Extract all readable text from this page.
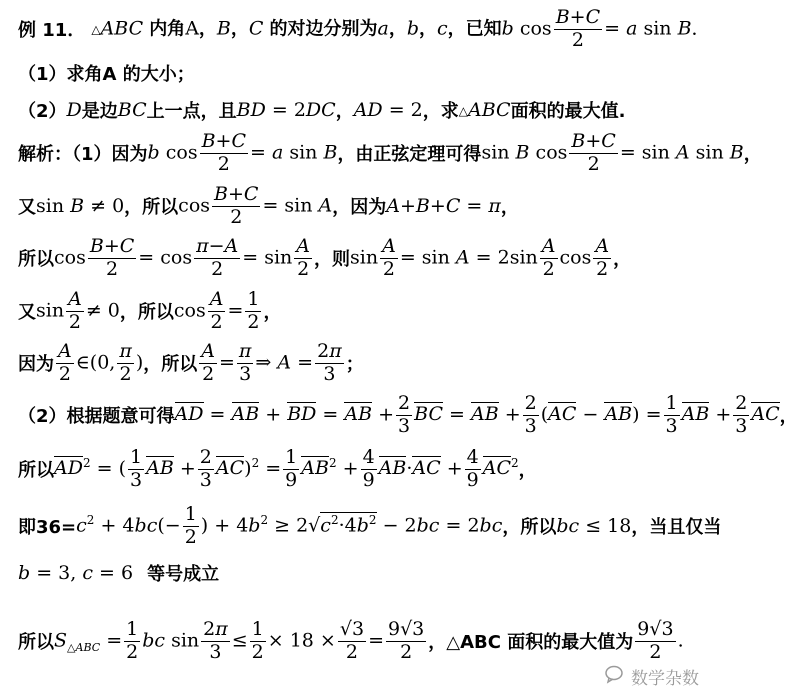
例 11． △ABC 内角A，B，C 的对边分别为a，b，c，已知b $\cos \frac{B+C}{2} = a$ sin B．
（1）求角A 的大小；
（2） D 是边 BC 上一点，且 BD = 2DC ， AD = 2 ，求 △ABC 面积的最大值.
解析：（1） 因为 b $\cos \frac{B+C}{2} = a$ sin B ，由正弦定理可得 sin B $\cos \frac{B+C}{2} = \sin A$ sin B ，
又 sin B ≠ 0 ，所以 $\cos \frac{B+C}{2} = \sin A$ ，因为 A+B+C = π ，
所以 $\cos \frac{B+C}{2} = \cos \frac{\pi-A}{2} = \sin \frac{A}{2}$ ，则 $\sin \frac{A}{2} = \sin A = 2\sin \frac{A}{2}$ $\cos \frac{A}{2}$ ，
又 $\sin \frac{A}{2} \ne 0$ ，所以 $\cos \frac{A}{2} = \frac{1}{2}$ ，
因为 $\frac{A}{2}$ ∈(0, $\frac{\pi}{2}$ ) ，所以 $\frac{A}{2} = \frac{\pi}{3}$ ⇒ $A = \frac{2\pi}{3}$ ；
（2）根据题意可得 AD = AB + BD = AB + $\frac{2}{3}$ BC = AB + $\frac{2}{3} (AC - AB) = \frac{1}{3}$ AB + $\frac{2}{3}$ AC ，
所以 $AD^2$ = ( $\frac{1}{3}$ AB + $\frac{2}{3} AC)^2 = \frac{1}{9} AB^2 + \frac{4}{9} AB\cdot AC + \frac{4}{9} AC^2$ ，
即$36= c^2 + 4bc(- \frac{1}{2}$ ) + $4b^2 \ge 2√c^2\cdot 4b^2 - 2bc = 2bc$ ，所以 bc ≤ 18 ，当且仅当
b = 3, c = 6 等号成立
所以 $S_{\triangle ABC} = \frac{1}{2}$ bc $\sin \frac{2\pi}{3} \le \frac{1}{2} \times 18 \times \frac{√3}{2} = \frac{9√3}{2}$ ，△ABC 面积的最大值为 $\frac{9√3}{2}$ .
数学杂数
